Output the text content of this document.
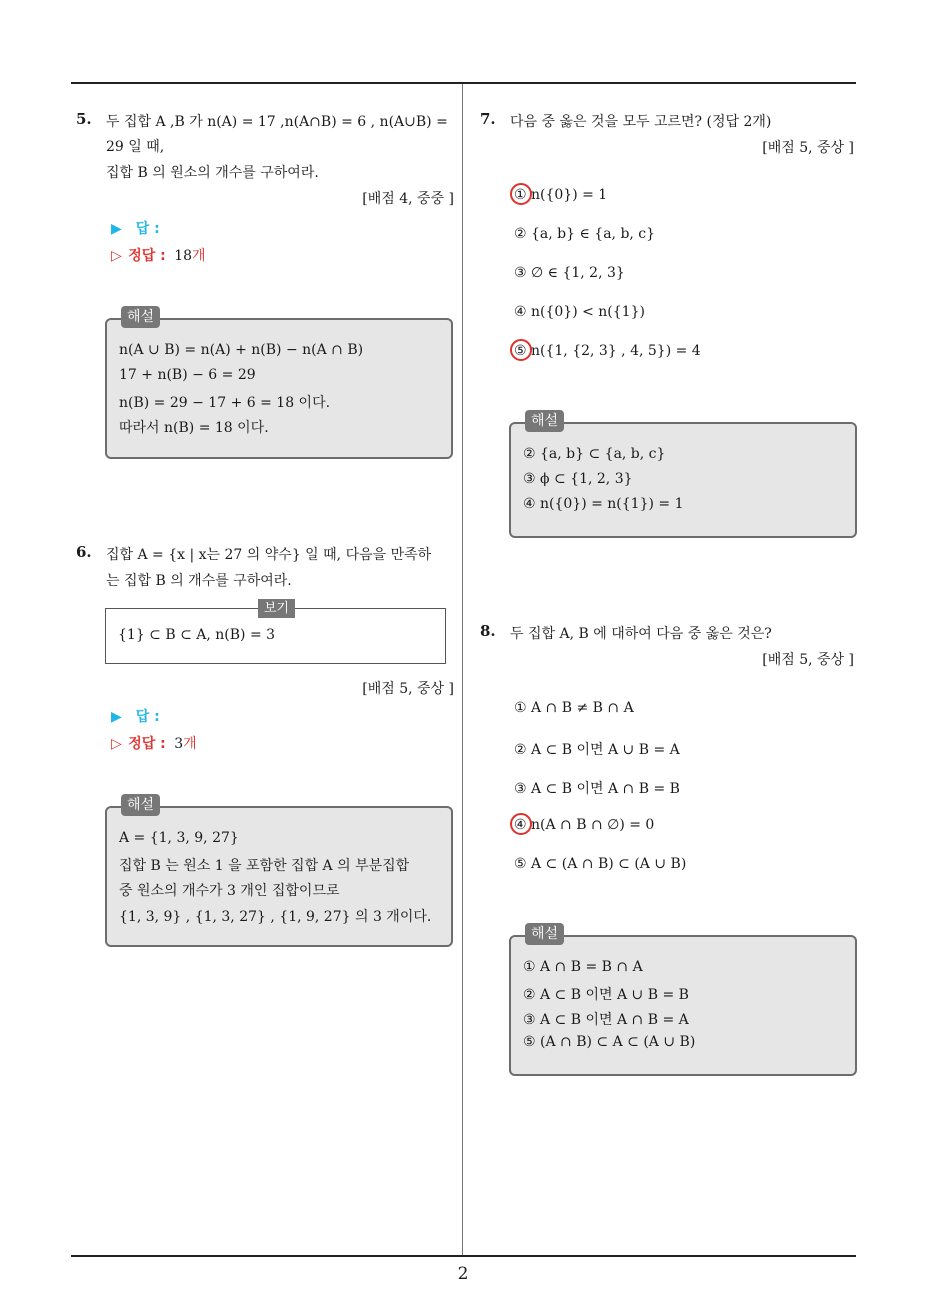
2
5. 두 집합 A ,B 가 n(A) = 17 ,n(A∩B) = 6 , n(A∪B) =
29 일 때,
집합 B 의 원소의 개수를 구하여라.
[배점 4, 중중 ]
▶ 답 :
▷ 정답 : 18개
해설
n(A ∪ B) = n(A) + n(B) − n(A ∩ B)
17 + n(B) − 6 = 29
n(B) = 29 − 17 + 6 = 18 이다.
따라서 n(B) = 18 이다.
6. 집합 A = {x | x는 27 의 약수} 일 때, 다음을 만족하
는 집합 B 의 개수를 구하여라.
보기
{1} ⊂ B ⊂ A, n(B) = 3
[배점 5, 중상 ]
▶ 답 :
▷ 정답 : 3개
해설
A = {1, 3, 9, 27}
집합 B 는 원소 1 을 포함한 집합 A 의 부분집합
중 원소의 개수가 3 개인 집합이므로
{1, 3, 9} , {1, 3, 27} , {1, 9, 27} 의 3 개이다.
7. 다음 중 옳은 것을 모두 고르면? (정답 2개)
[배점 5, 중상 ]
① n({0}) = 1
② {a, b} ∈ {a, b, c}
③ ∅ ∈ {1, 2, 3}
④ n({0}) < n({1})
⑤ n({1, {2, 3} , 4, 5}) = 4
해설
② {a, b} ⊂ {a, b, c}
③ ϕ ⊂ {1, 2, 3}
④ n({0}) = n({1}) = 1
8. 두 집합 A, B 에 대하여 다음 중 옳은 것은?
[배점 5, 중상 ]
① A ∩ B ≠ B ∩ A
② A ⊂ B 이면 A ∪ B = A
③ A ⊂ B 이면 A ∩ B = B
④ n(A ∩ B ∩ ∅) = 0
⑤ A ⊂ (A ∩ B) ⊂ (A ∪ B)
해설
① A ∩ B = B ∩ A
② A ⊂ B 이면 A ∪ B = B
③ A ⊂ B 이면 A ∩ B = A
⑤ (A ∩ B) ⊂ A ⊂ (A ∪ B)
